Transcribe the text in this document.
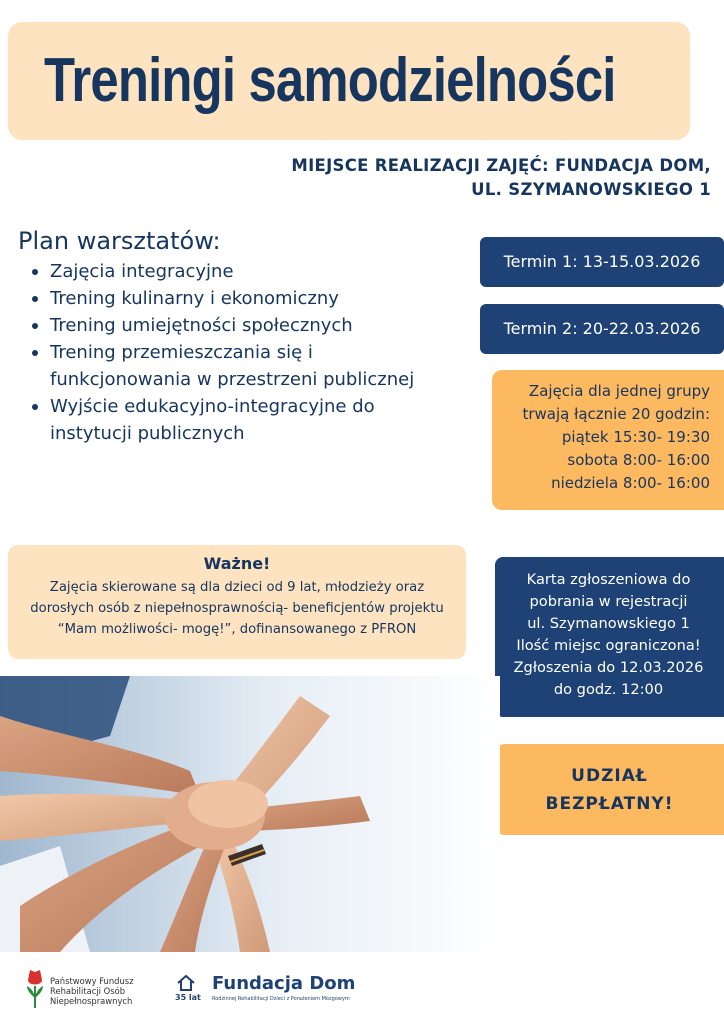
Treningi samodzielności
MIEJSCE REALIZACJI ZAJĘĆ: FUNDACJA DOM,
UL. SZYMANOWSKIEGO 1
Plan warsztatów:
Zajęcia integracyjne
Trening kulinarny i ekonomiczny
Trening umiejętności społecznych
Trening przemieszczania się i funkcjonowania w przestrzeni publicznej
Wyjście edukacyjno-integracyjne do instytucji publicznych
Termin 1: 13-15.03.2026
Termin 2: 20-22.03.2026
Zajęcia dla jednej grupy
trwają łącznie 20 godzin:
piątek 15:30- 19:30
sobota 8:00- 16:00
niedziela 8:00- 16:00
Ważne!
Zajęcia skierowane są dla dzieci od 9 lat, młodzieży oraz dorosłych osób z niepełnosprawnością- beneficjentów projektu “Mam możliwości- mogę!”, dofinansowanego z PFRON
Karta zgłoszeniowa do
pobrania w rejestracji
ul. Szymanowskiego 1
Ilość miejsc ograniczona!
Zgłoszenia do 12.03.2026
do godz. 12:00
UDZIAŁ
BEZPŁATNY!
Państwowy Fundusz
Rehabilitacji Osób
Niepełnosprawnych	35 lat
Fundacja Dom
Rodzinnej Rehabilitacji Dzieci z Porażeniem Mózgowym
